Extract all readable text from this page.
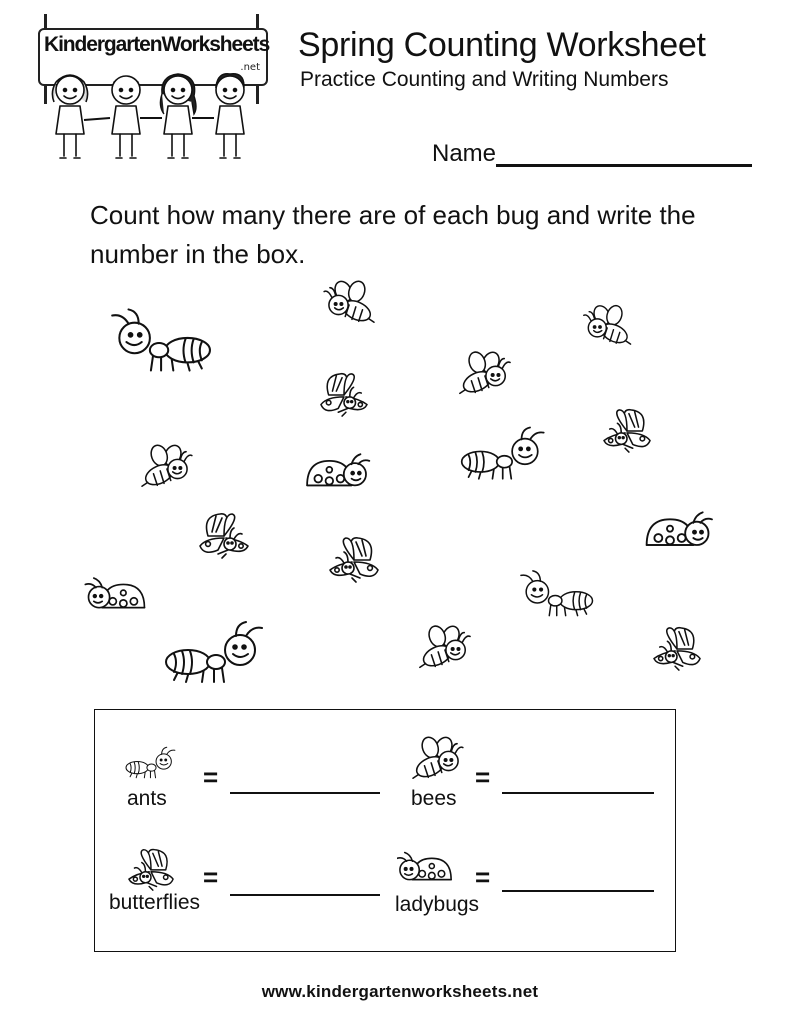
KindergartenWorksheets
.net
Spring Counting Worksheet
Practice Counting and Writing Numbers
Name
Count how many there are of each bug and write the number in the box.
ants
=
bees
=
butterflies
=
ladybugs
=
www.kindergartenworksheets.net
